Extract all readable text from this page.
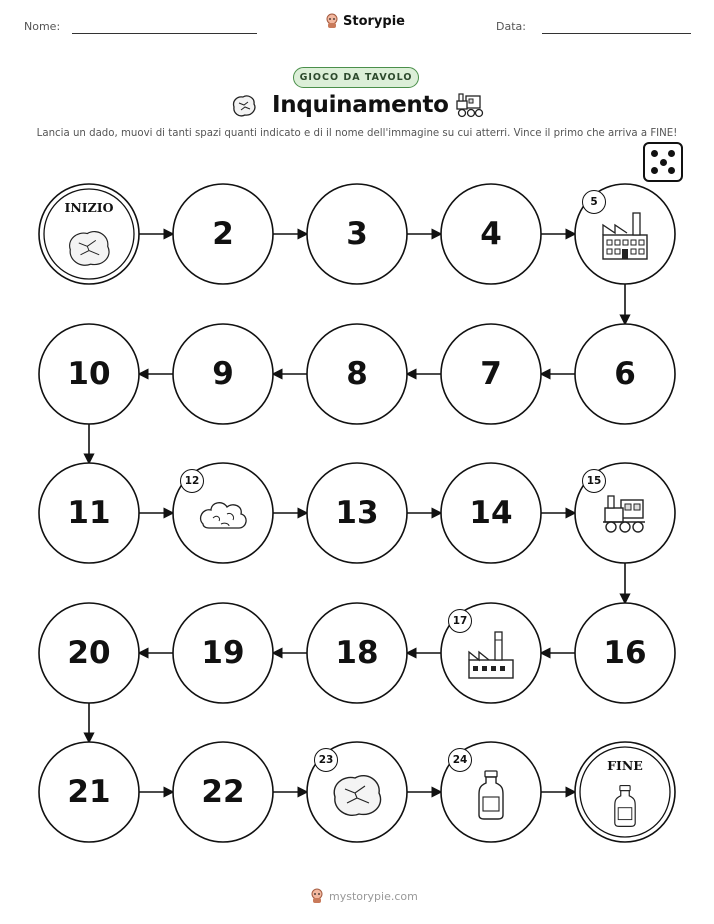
Nome:	Storypie	Data:
GIOCO DA TAVOLO
Inquinamento
Lancia un dado, muovi di tanti spazi quanti indicato e di il nome dell'immagine su cui atterri. Vince il primo che arriva a FINE!
INIZIO
2	3	4
5
6
7
8
9
10
11
12
13	14
15
16
17
18
19
20
21	22
23	24	FINE
mystorypie.com
